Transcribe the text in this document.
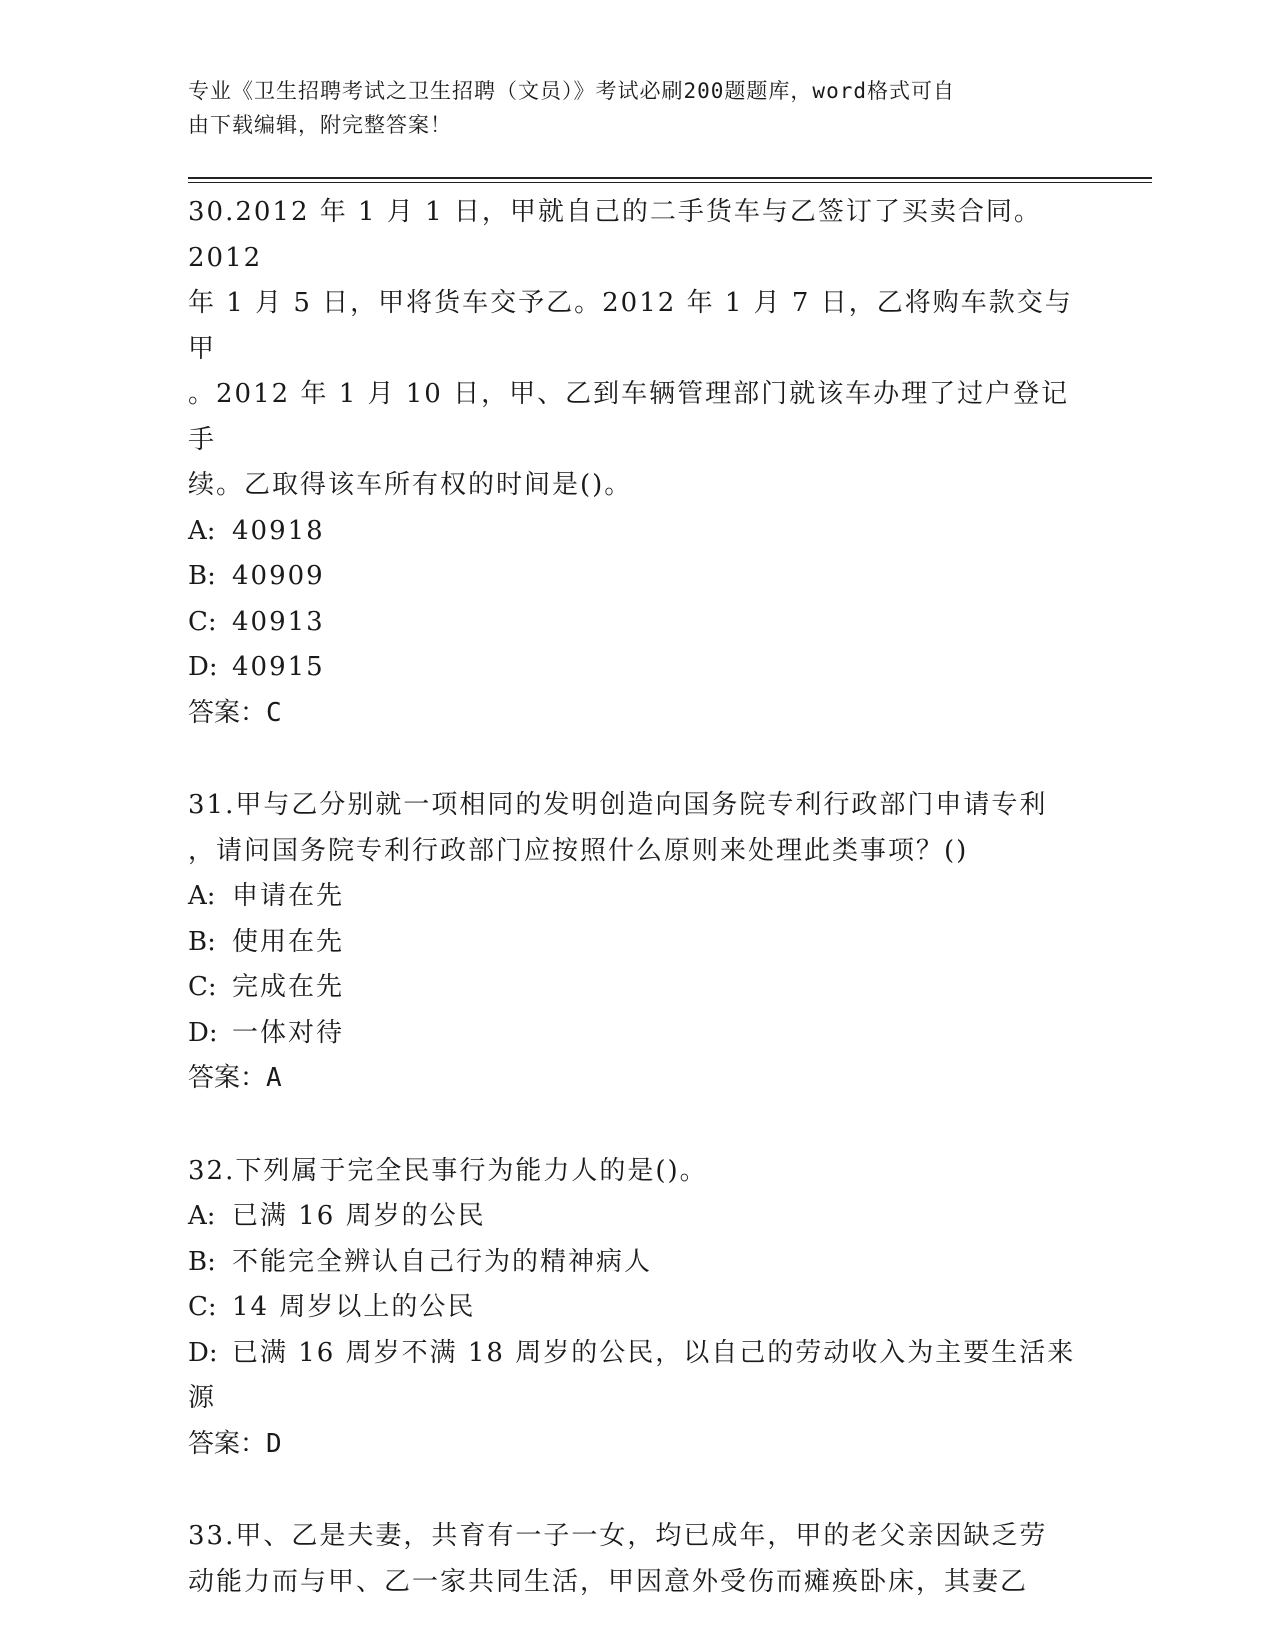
专业《卫生招聘考试之卫生招聘（文员）》考试必刷200题题库，word格式可自
由下载编辑，附完整答案！
30.2012 年 1 月 1 日，甲就自己的二手货车与乙签订了买卖合同。2012
年 1 月 5 日，甲将货车交予乙。2012 年 1 月 7 日，乙将购车款交与甲
。2012 年 1 月 10 日，甲、乙到车辆管理部门就该车办理了过户登记手
续。乙取得该车所有权的时间是()。
A: 40918
B: 40909
C: 40913
D: 40915
答案：C
31.甲与乙分别就一项相同的发明创造向国务院专利行政部门申请专利
，请问国务院专利行政部门应按照什么原则来处理此类事项？()
A: 申请在先
B: 使用在先
C: 完成在先
D: 一体对待
答案：A
32.下列属于完全民事行为能力人的是()。
A: 已满 16 周岁的公民
B: 不能完全辨认自己行为的精神病人
C: 14 周岁以上的公民
D: 已满 16 周岁不满 18 周岁的公民，以自己的劳动收入为主要生活来
源
答案：D
33.甲、乙是夫妻，共育有一子一女，均已成年，甲的老父亲因缺乏劳
动能力而与甲、乙一家共同生活，甲因意外受伤而瘫痪卧床，其妻乙
